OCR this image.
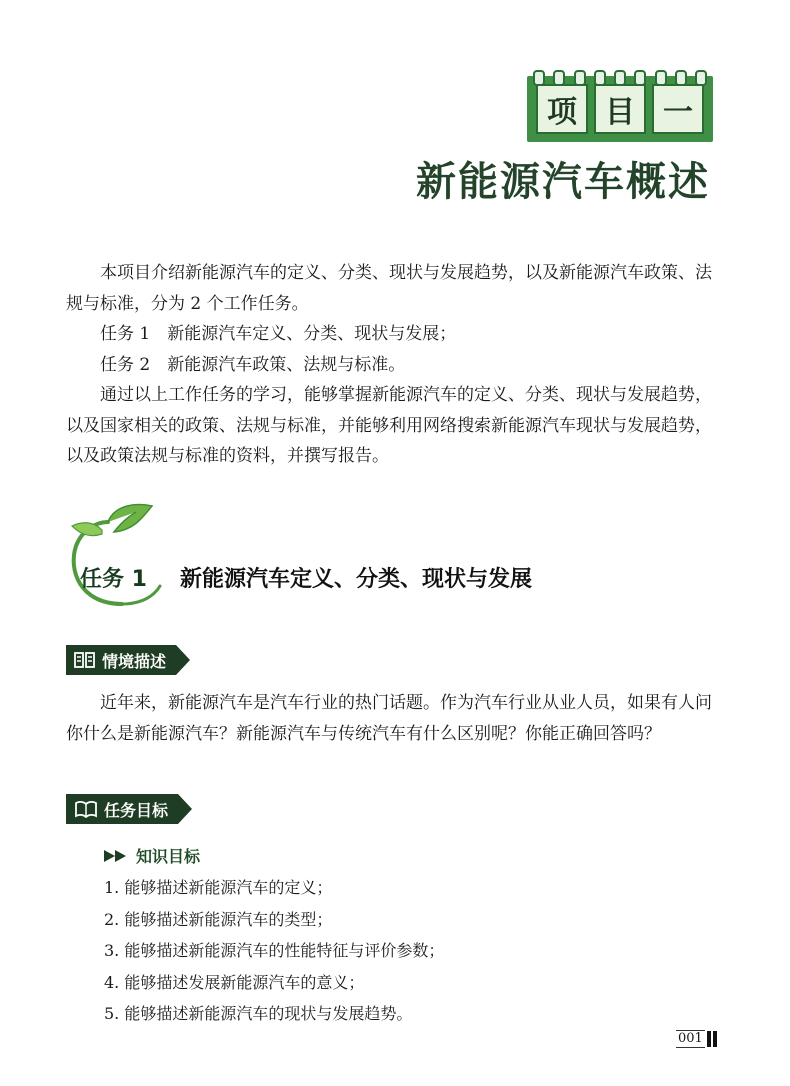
项 目 一
新能源汽车概述

本项目介绍新能源汽车的定义、分类、现状与发展趋势，以及新能源汽车政策、法规与标准，分为 2 个工作任务。

任务 1　新能源汽车定义、分类、现状与发展；

任务 2　新能源汽车政策、法规与标准。

通过以上工作任务的学习，能够掌握新能源汽车的定义、分类、现状与发展趋势，以及国家相关的政策、法规与标准，并能够利用网络搜索新能源汽车现状与发展趋势，以及政策法规与标准的资料，并撰写报告。

任务 1 新能源汽车定义、分类、现状与发展
情境描述

近年来，新能源汽车是汽车行业的热门话题。作为汽车行业从业人员，如果有人问你什么是新能源汽车？新能源汽车与传统汽车有什么区别呢？你能正确回答吗？

任务目标
知识目标
1. 能够描述新能源汽车的定义；
2. 能够描述新能源汽车的类型；
3. 能够描述新能源汽车的性能特征与评价参数；
4. 能够描述发展新能源汽车的意义；
5. 能够描述新能源汽车的现状与发展趋势。
001
